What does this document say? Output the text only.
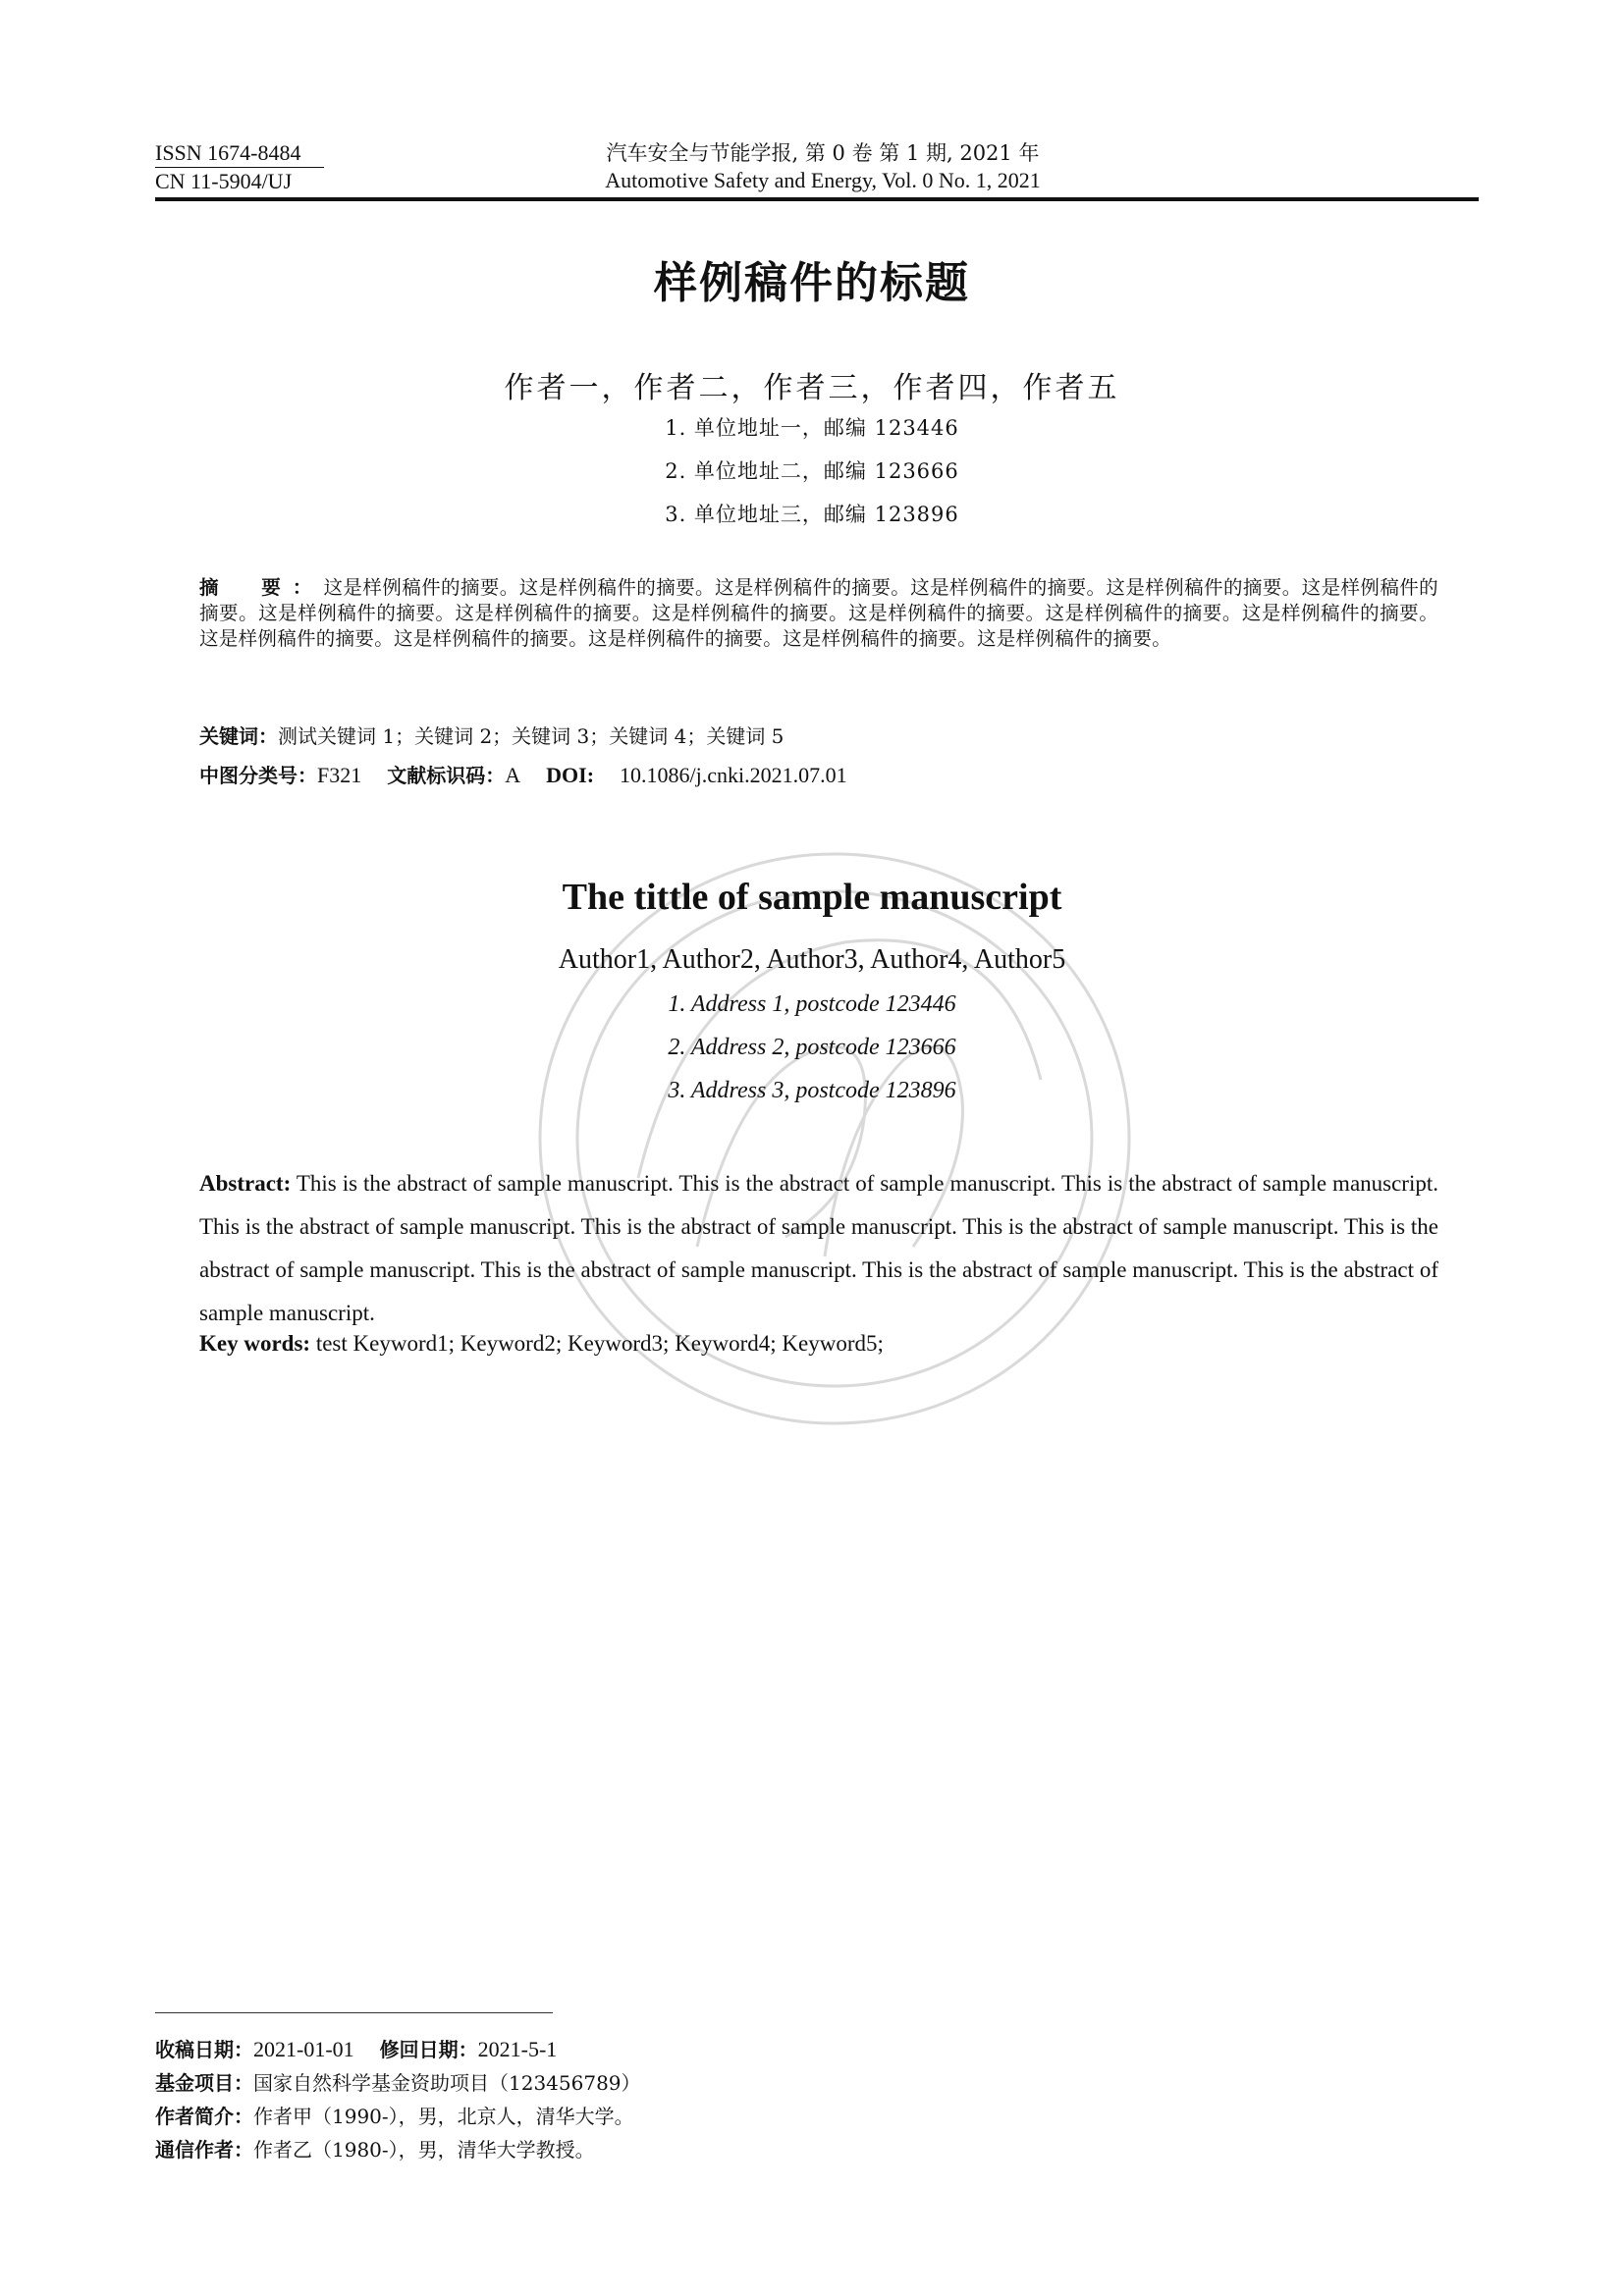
ISSN 1674-8484
CN 11-5904/UJ
汽车安全与节能学报, 第 0 卷 第 1 期, 2021 年
Automotive Safety and Energy, Vol. 0 No. 1, 2021
样例稿件的标题
作者一，作者二，作者三，作者四，作者五
1. 单位地址一，邮编 123446
2. 单位地址二，邮编 123666
3. 单位地址三，邮编 123896
摘　要：这是样例稿件的摘要。这是样例稿件的摘要。这是样例稿件的摘要。这是样例稿件的摘要。这是样例稿件的摘要。这是样例稿件的摘要。这是样例稿件的摘要。这是样例稿件的摘要。这是样例稿件的摘要。这是样例稿件的摘要。这是样例稿件的摘要。这是样例稿件的摘要。这是样例稿件的摘要。这是样例稿件的摘要。这是样例稿件的摘要。这是样例稿件的摘要。这是样例稿件的摘要。
关键词：测试关键词 1；关键词 2；关键词 3；关键词 4；关键词 5
中图分类号：F321 文献标识码：A DOI: 10.1086/j.cnki.2021.07.01
The tittle of sample manuscript
Author1, Author2, Author3, Author4, Author5
1. Address 1, postcode 123446
2. Address 2, postcode 123666
3. Address 3, postcode 123896
Abstract: This is the abstract of sample manuscript. This is the abstract of sample manuscript. This is the abstract of sample manuscript. This is the abstract of sample manuscript. This is the abstract of sample manuscript. This is the abstract of sample manuscript. This is the abstract of sample manuscript. This is the abstract of sample manuscript. This is the abstract of sample manuscript. This is the abstract of sample manuscript.
Key words: test Keyword1; Keyword2; Keyword3; Keyword4; Keyword5;
收稿日期：2021-01-01 修回日期：2021-5-1
基金项目：国家自然科学基金资助项目（123456789）
作者简介：作者甲（1990-），男，北京人，清华大学。
通信作者：作者乙（1980-），男，清华大学教授。
